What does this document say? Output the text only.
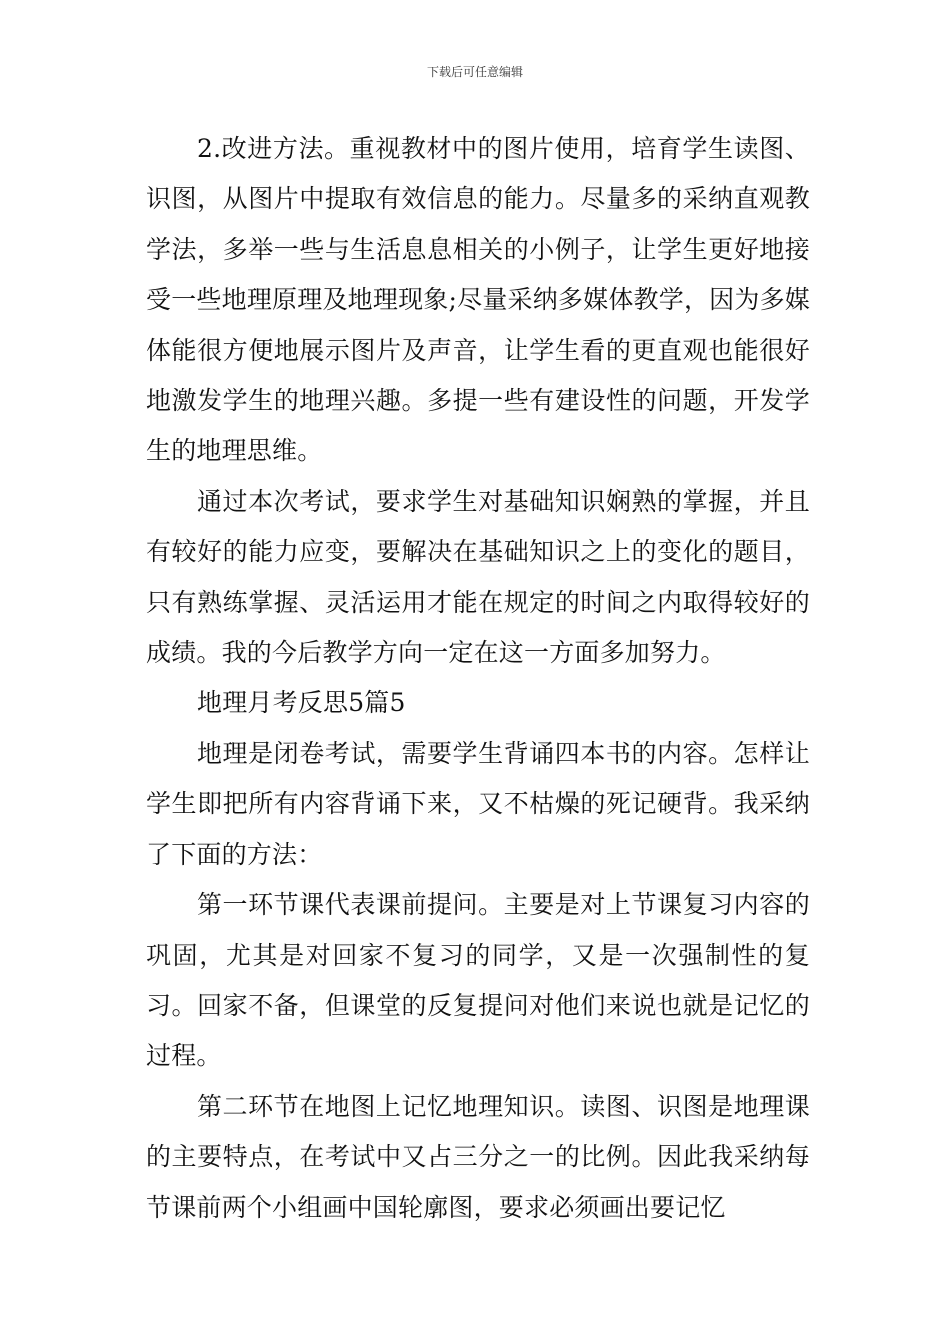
下载后可任意编辑

2.改进方法。重视教材中的图片使用，培育学生读图、识图，从图片中提取有效信息的能力。尽量多的采纳直观教学法，多举一些与生活息息相关的小例子，让学生更好地接受一些地理原理及地理现象;尽量采纳多媒体教学，因为多媒体能很方便地展示图片及声音，让学生看的更直观也能很好地激发学生的地理兴趣。多提一些有建设性的问题，开发学生的地理思维。

通过本次考试，要求学生对基础知识娴熟的掌握，并且有较好的能力应变，要解决在基础知识之上的变化的题目，只有熟练掌握、灵活运用才能在规定的时间之内取得较好的成绩。我的今后教学方向一定在这一方面多加努力。

地理月考反思5篇5

地理是闭卷考试，需要学生背诵四本书的内容。怎样让学生即把所有内容背诵下来，又不枯燥的死记硬背。我采纳了下面的方法：

第一环节课代表课前提问。主要是对上节课复习内容的巩固，尤其是对回家不复习的同学，又是一次强制性的复习。回家不备，但课堂的反复提问对他们来说也就是记忆的过程。

第二环节在地图上记忆地理知识。读图、识图是地理课的主要特点，在考试中又占三分之一的比例。因此我采纳每节课前两个小组画中国轮廓图，要求必须画出要记忆
